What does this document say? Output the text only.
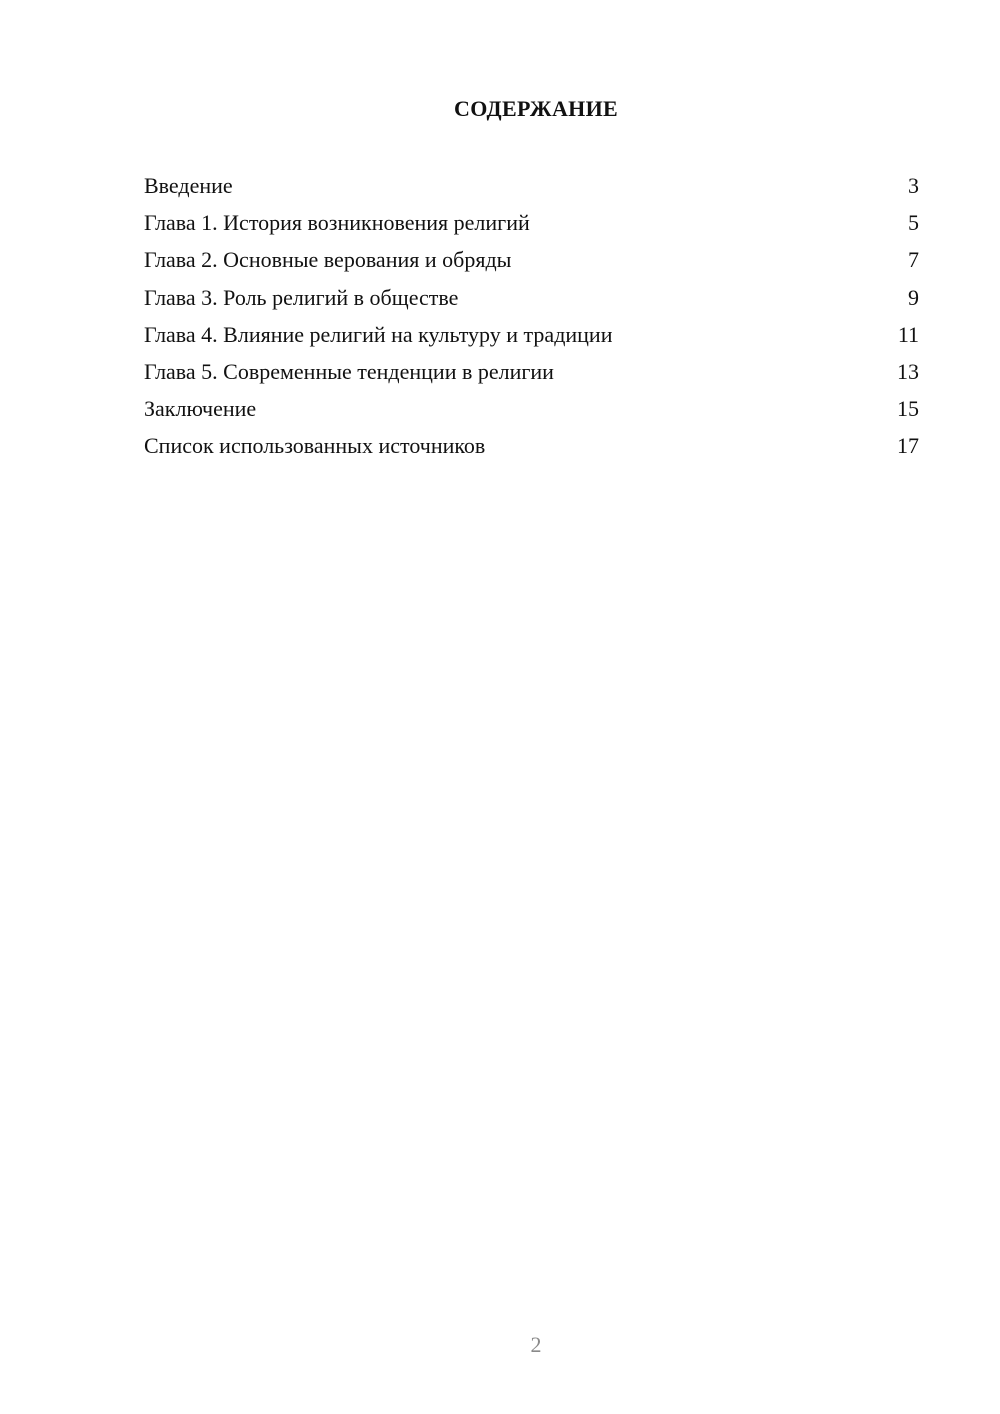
СОДЕРЖАНИЕ
Введение	3
Глава 1. История возникновения религий	5
Глава 2. Основные верования и обряды	7
Глава 3. Роль религий в обществе	9
Глава 4. Влияние религий на культуру и традиции	11
Глава 5. Современные тенденции в религии	13
Заключение	15
Список использованных источников	17
2
